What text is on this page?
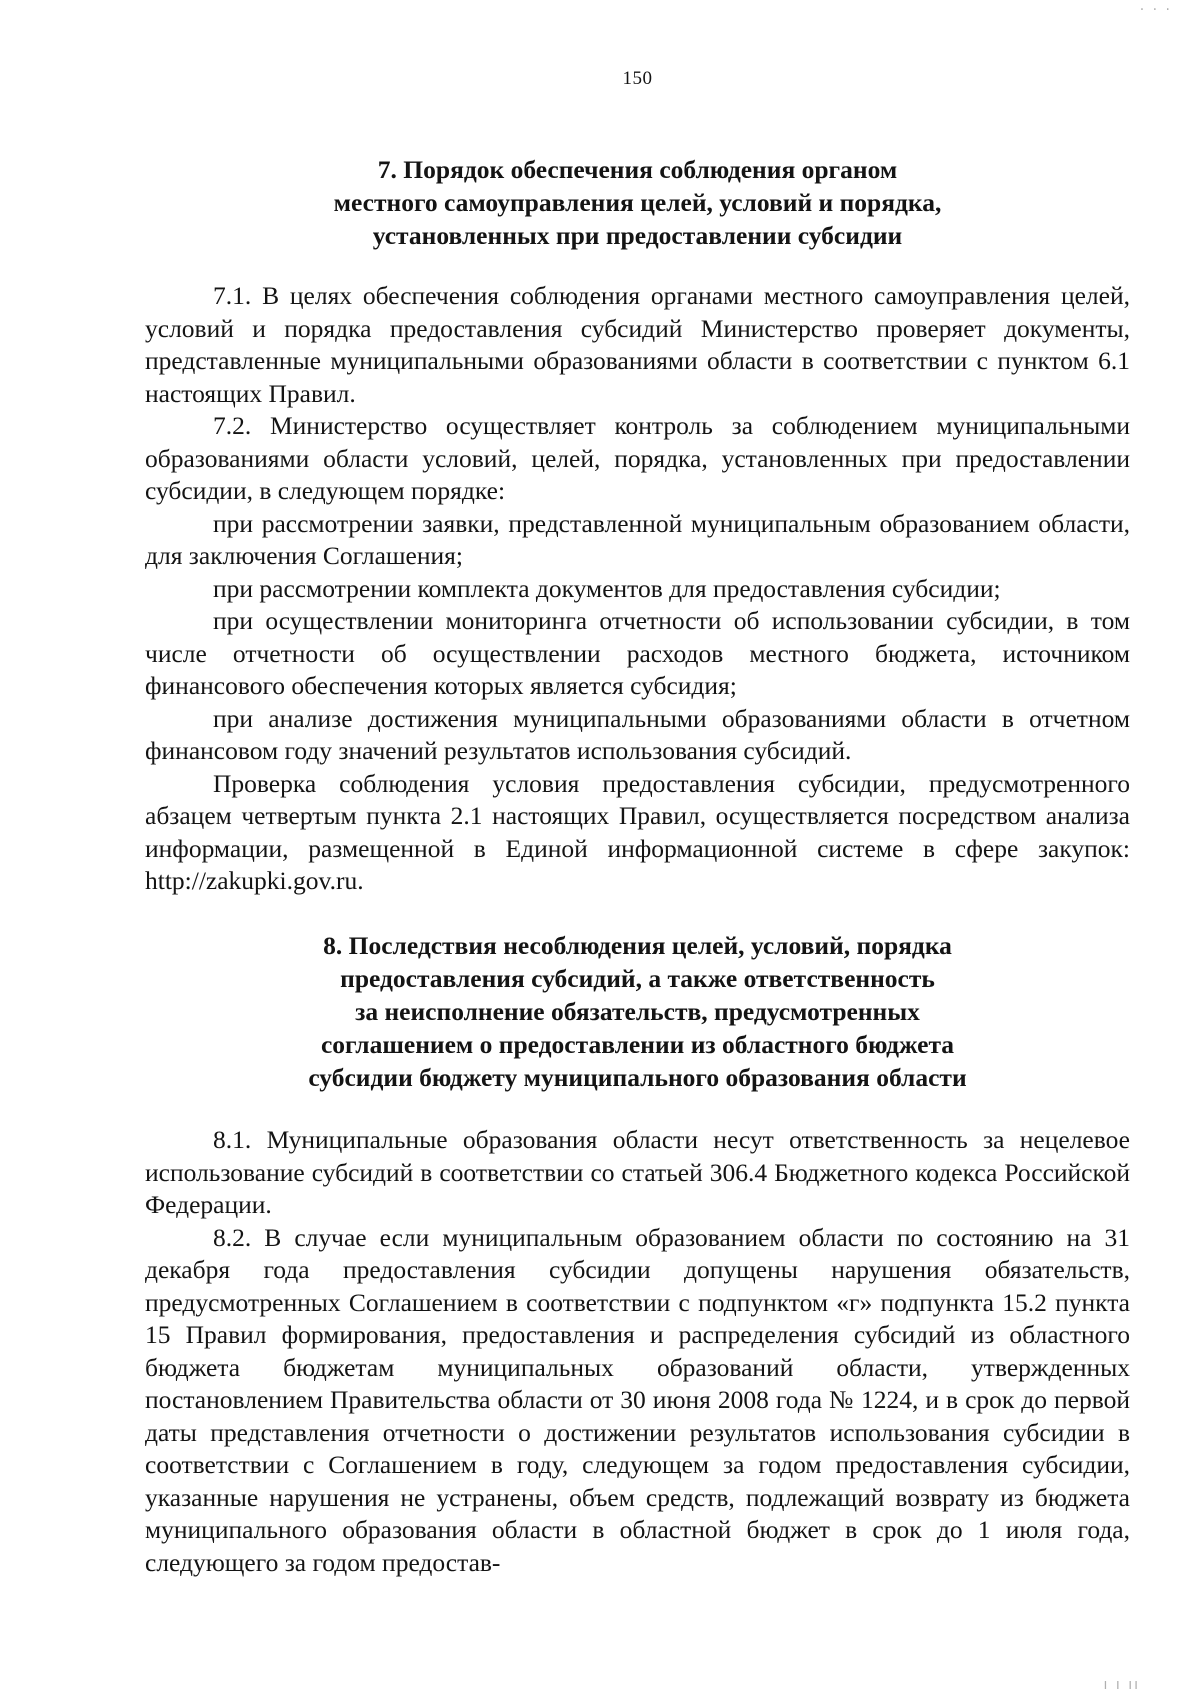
150
7. Порядок обеспечения соблюдения органом
местного самоуправления целей, условий и порядка,
установленных при предоставлении субсидии

7.1. В целях обеспечения соблюдения органами местного самоуправления целей, условий и порядка предоставления субсидий Министерство проверяет документы, представленные муниципальными образованиями области в соответствии с пунктом 6.1 настоящих Правил.

7.2. Министерство осуществляет контроль за соблюдением муниципальными образованиями области условий, целей, порядка, установленных при предоставлении субсидии, в следующем порядке:

при рассмотрении заявки, представленной муниципальным образованием области, для заключения Соглашения;

при рассмотрении комплекта документов для предоставления субсидии;

при осуществлении мониторинга отчетности об использовании субсидии, в том числе отчетности об осуществлении расходов местного бюджета, источником финансового обеспечения которых является субсидия;

при анализе достижения муниципальными образованиями области в отчетном финансовом году значений результатов использования субсидий.

Проверка соблюдения условия предоставления субсидии, предусмотренного абзацем четвертым пункта 2.1 настоящих Правил, осуществляется посредством анализа информации, размещенной в Единой информационной системе в сфере закупок: http://zakupki.gov.ru.

8. Последствия несоблюдения целей, условий, порядка
предоставления субсидий, а также ответственность
за неисполнение обязательств, предусмотренных
соглашением о предоставлении из областного бюджета
субсидии бюджету муниципального образования области

8.1. Муниципальные образования области несут ответственность за нецелевое использование субсидий в соответствии со статьей 306.4 Бюджетного кодекса Российской Федерации.

8.2. В случае если муниципальным образованием области по состоянию на 31 декабря года предоставления субсидии допущены нарушения обязательств, предусмотренных Соглашением в соответствии с подпунктом «г» подпункта 15.2 пункта 15 Правил формирования, предоставления и распределения субсидий из областного бюджета бюджетам муниципальных образований области, утвержденных постановлением Правительства области от 30 июня 2008 года № 1224, и в срок до первой даты представления отчетности о достижении результатов использования субсидии в соответствии с Соглашением в году, следующем за годом предоставления субсидии, указанные нарушения не устранены, объем средств, подлежащий возврату из бюджета муниципального образования области в областной бюджет в срок до 1 июля года, следующего за годом предостав-

· · ·
ı ı ıı
